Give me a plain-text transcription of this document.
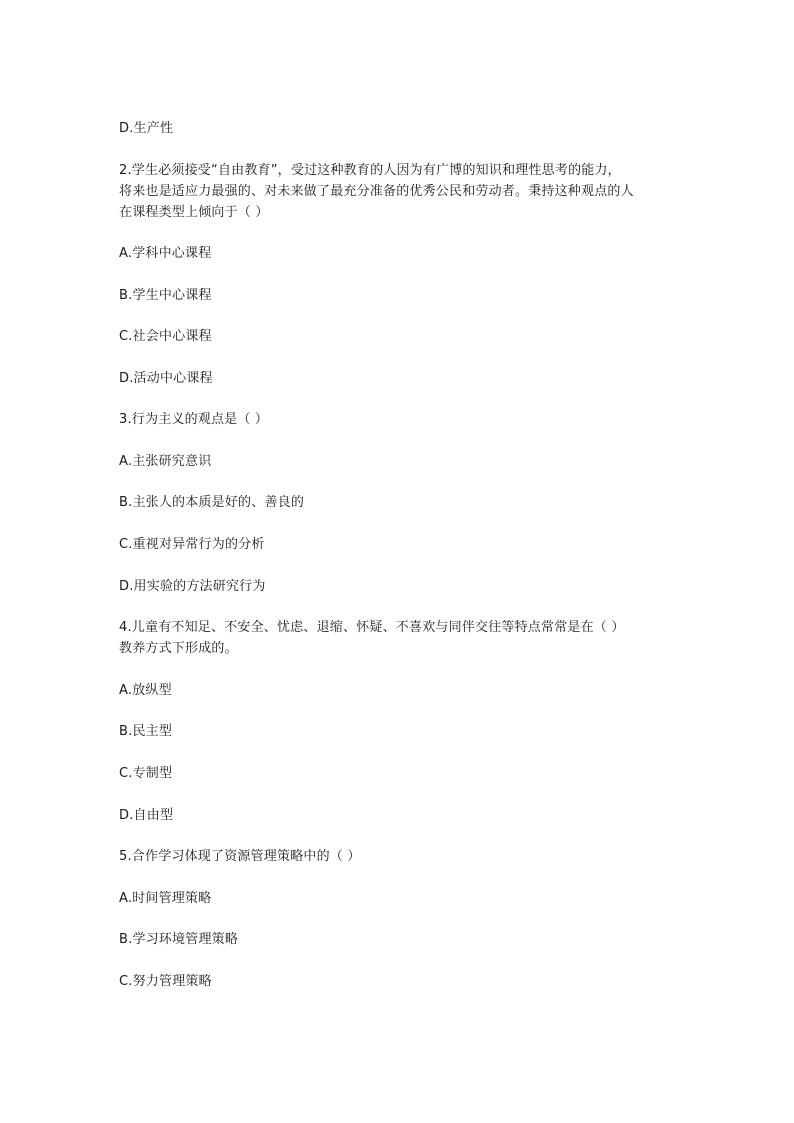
D.生产性
2.学生必须接受“自由教育”，受过这种教育的人因为有广博的知识和理性思考的能力，
将来也是适应力最强的、对未来做了最充分准备的优秀公民和劳动者。秉持这种观点的人
在课程类型上倾向于（ ）
A.学科中心课程
B.学生中心课程
C.社会中心课程
D.活动中心课程
3.行为主义的观点是（ ）
A.主张研究意识
B.主张人的本质是好的、善良的
C.重视对异常行为的分析
D.用实验的方法研究行为
4.儿童有不知足、不安全、忧虑、退缩、怀疑、不喜欢与同伴交往等特点常常是在（ ）
教养方式下形成的。
A.放纵型
B.民主型
C.专制型
D.自由型
5.合作学习体现了资源管理策略中的（ ）
A.时间管理策略
B.学习环境管理策略
C.努力管理策略
